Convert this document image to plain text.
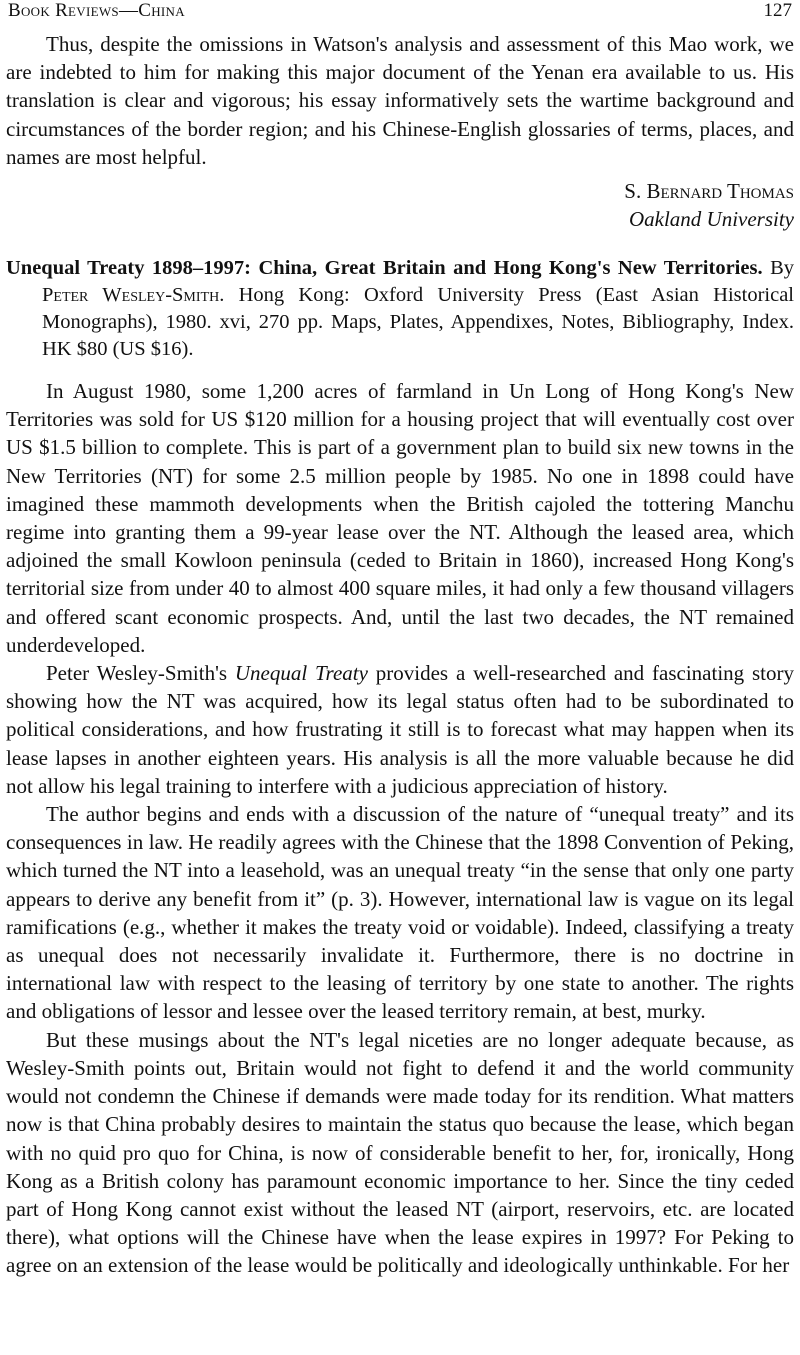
Book Reviews—China	127

Thus, despite the omissions in Watson's analysis and assessment of this Mao work, we are indebted to him for making this major document of the Yenan era available to us. His translation is clear and vigorous; his essay informatively sets the wartime background and circumstances of the border region; and his Chinese-English glossaries of terms, places, and names are most helpful.

S. Bernard Thomas
Oakland University
Unequal Treaty 1898–1997: China, Great Britain and Hong Kong's New Territories. By Peter Wesley-Smith. Hong Kong: Oxford University Press (East Asian Historical Monographs), 1980. xvi, 270 pp. Maps, Plates, Appendixes, Notes, Bibliography, Index. HK $80 (US $16).

In August 1980, some 1,200 acres of farmland in Un Long of Hong Kong's New Territories was sold for US $120 million for a housing project that will eventually cost over US $1.5 billion to complete. This is part of a government plan to build six new towns in the New Territories (NT) for some 2.5 million people by 1985. No one in 1898 could have imagined these mammoth developments when the British cajoled the tottering Manchu regime into granting them a 99-year lease over the NT. Although the leased area, which adjoined the small Kowloon peninsula (ceded to Britain in 1860), increased Hong Kong's territorial size from under 40 to almost 400 square miles, it had only a few thousand villagers and offered scant economic prospects. And, until the last two decades, the NT remained underdeveloped.

Peter Wesley-Smith's Unequal Treaty provides a well-researched and fascinating story showing how the NT was acquired, how its legal status often had to be subordinated to political considerations, and how frustrating it still is to forecast what may happen when its lease lapses in another eighteen years. His analysis is all the more valuable because he did not allow his legal training to interfere with a judicious appreciation of history.

The author begins and ends with a discussion of the nature of “unequal treaty” and its consequences in law. He readily agrees with the Chinese that the 1898 Convention of Peking, which turned the NT into a leasehold, was an unequal treaty “in the sense that only one party appears to derive any benefit from it” (p. 3). However, international law is vague on its legal ramifications (e.g., whether it makes the treaty void or voidable). Indeed, classifying a treaty as unequal does not necessarily invalidate it. Furthermore, there is no doctrine in international law with respect to the leasing of territory by one state to another. The rights and obligations of lessor and lessee over the leased territory remain, at best, murky.

But these musings about the NT's legal niceties are no longer adequate because, as Wesley-Smith points out, Britain would not fight to defend it and the world community would not condemn the Chinese if demands were made today for its rendition. What matters now is that China probably desires to maintain the status quo because the lease, which began with no quid pro quo for China, is now of considerable benefit to her, for, ironically, Hong Kong as a British colony has paramount economic importance to her. Since the tiny ceded part of Hong Kong cannot exist without the leased NT (airport, reservoirs, etc. are located there), what options will the Chinese have when the lease expires in 1997? For Peking to agree on an extension of the lease would be politically and ideologically unthinkable. For her
